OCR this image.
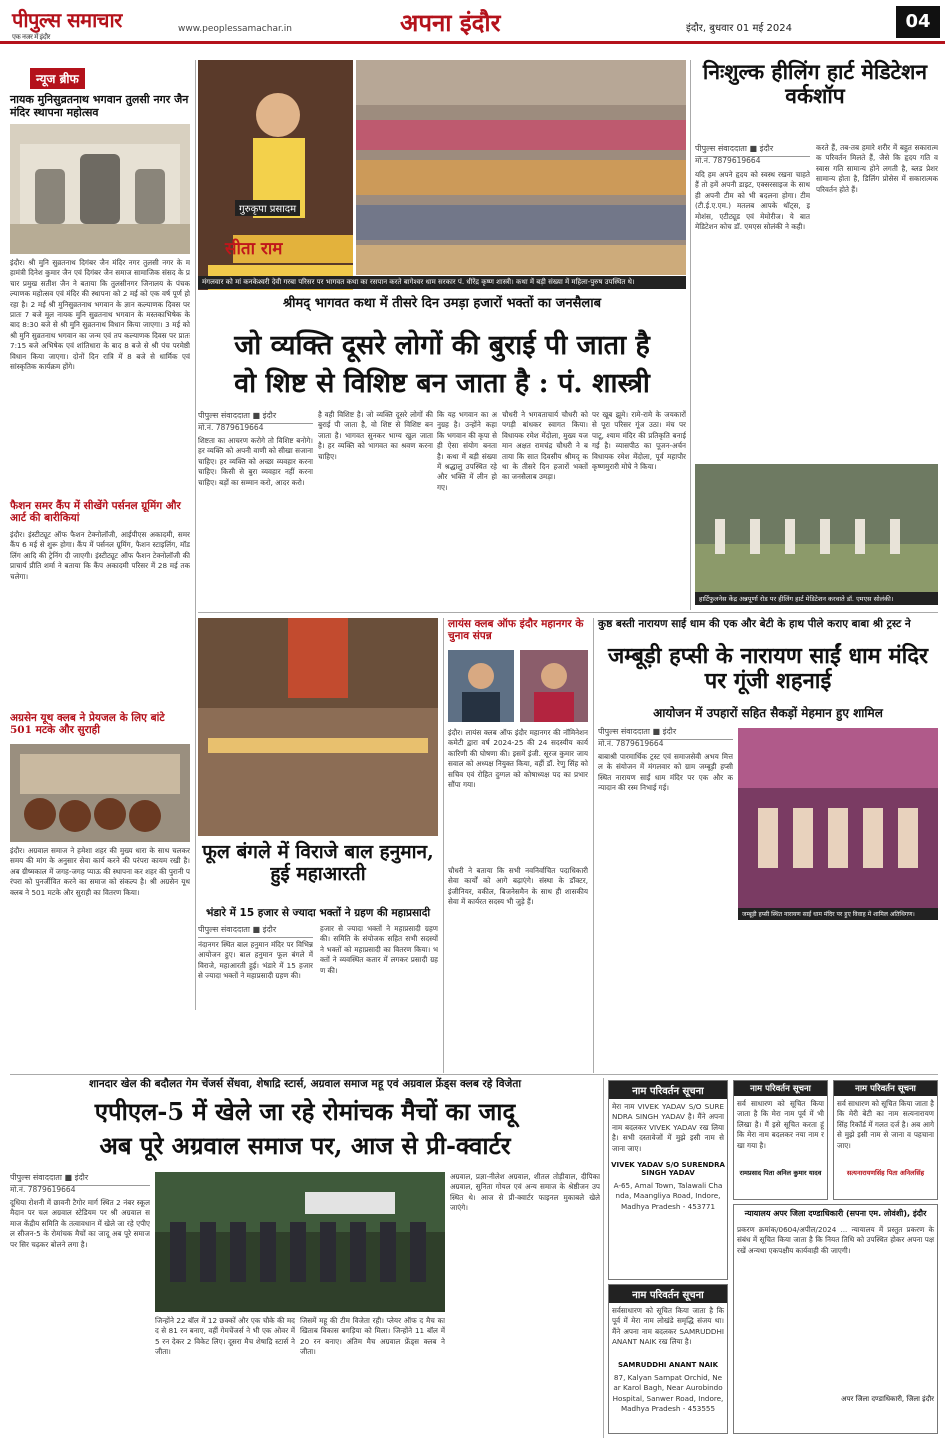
पीपुल्स समाचार
एक नजर में इंदौर
www.peoplessamachar.in	अपना इंदौर	इंदौर, बुधवार 01 मई 2024	04
न्यूज ब्रीफ
नायक मुनिसुव्रतनाथ भगवान तुलसी नगर जैन मंदिर स्थापना महोत्सव
इंदौर। श्री मुनि सुव्रतनाथ दिगंबर जैन मंदिर नगर तुलसी नगर के महामंत्री दिनेश कुमार जैन एवं दिगंबर जैन समाज सामाजिक संसद के प्रचार प्रमुख सतीश जैन ने बताया कि तुलसीनगर जिनालय के पंचकल्याणक महोत्सव एवं मंदिर की स्थापना को 2 मई को एक वर्ष पूर्ण हो रहा है। 2 मई श्री मुनिसुव्रतनाथ भगवान के ज्ञान कल्याणक दिवस पर प्रातः 7 बजे मूल नायक मुनि सुव्रतनाथ भगवान के मस्तकाभिषेक के बाद 8:30 बजे से श्री मुनि सुव्रतनाथ विधान किया जाएगा। 3 मई को श्री मुनि सुव्रतनाथ भगवान का जन्म एवं तप कल्याणक दिवस पर प्रातः 7:15 बजे अभिषेक एवं शांतिधारा के बाद 8 बजे से श्री पंच परमेष्ठी विधान किया जाएगा। दोनों दिन रात्रि में 8 बजे से धार्मिक एवं सांस्कृतिक कार्यक्रम होंगे।
फैशन समर कैंप में सीखेंगे पर्सनल ग्रूमिंग और आर्ट की बारीकियां
इंदौर। इंस्टीट्यूट ऑफ फैशन टेक्नोलॉजी, आईपीएस अकादमी, समर कैंप 6 मई से शुरू होगा। कैंप में पर्सनल ग्रूमिंग, फैशन स्टाइलिंग, मॉडलिंग आदि की ट्रेनिंग दी जाएगी। इंस्टीट्यूट ऑफ फैशन टेक्नोलॉजी की प्राचार्य प्रीति शर्मा ने बताया कि कैंप अकादमी परिसर में 28 मई तक चलेगा।
अग्रसेन यूथ क्लब ने प्रेयजल के लिए बांटे 501 मटके और सुराही
इंदौर। अग्रवाल समाज ने हमेशा शहर की मुख्य धारा के साथ चलकर समय की मांग के अनुसार सेवा कार्य करने की परंपरा कायम रखी है। अब ग्रीष्मकाल में जगह-जगह प्याऊ की स्थापना कर शहर की पुरानी परंपरा को पुनर्जीवित करने का समाज को संकल्प है। श्री अग्रसेन यूथ क्लब ने 501 मटके और सुराही का वितरण किया।
गुरुकृपा प्रसादम
सीता राम
मंगलवार को मां कनकेश्वरी देवी गरबा परिसर पर भागवत कथा का रसपान करते बागेश्वर धाम सरकार पं. धीरेंद्र कृष्ण शास्त्री। कथा में बड़ी संख्या में महिला-पुरुष उपस्थित थे।
श्रीमद् भागवत कथा में तीसरे दिन उमड़ा हजारों भक्तों का जनसैलाब
जो व्यक्ति दूसरे लोगों की बुराई पी जाता है
वो शिष्ट से विशिष्ट बन जाता है : पं. शास्त्री
पीपुल्स संवाददाता ■ इंदौर
मो.नं. 7879619664
शिष्टता का आचरण करोगे तो विशिष्ट बनोगे। हर व्यक्ति को अपनी वाणी को सीखा सजाना चाहिए। हर व्यक्ति को अच्छा व्यवहार करना चाहिए। किसी से बुरा व्यवहार नहीं करना चाहिए। बड़ों का सम्मान करो, आदर करो।
है वही विशिष्ट है। जो व्यक्ति दूसरे लोगों की बुराई पी जाता है, वो शिष्ट से विशिष्ट बन जाता है। भागवत सुनकर भाग्य खुल जाता है। हर व्यक्ति को भागवत का श्रवण करना चाहिए।
कि यह भगवान का अनुग्रह है। उन्होंने कहा कि भगवान की कृपा से ही ऐसा संयोग बनता है। कथा में बड़ी संख्या में श्रद्धालु उपस्थित रहे और भक्ति में लीन हो गए।
चौधरी ने भगवताचार्य चौधरी को पगड़ी बांधकर स्वागत किया। विधायक रमेश मेंदोला, मुख्य यजमान अक्षत रामचंद्र चौधरी ने बताया कि सात दिवसीय श्रीमद् कथा के तीसरे दिन हजारों भक्तों का जनसैलाब उमड़ा।
पर खूब झूमे। रामे-रामे के जयकारों से पूरा परिसर गूंज उठा। मंच पर पाटू, श्याम मंदिर की प्रतिकृति बनाई गई है। व्यासपीठ का पूजन-अर्चन विधायक रमेश मेंदोला, पूर्व महापौर कृष्णमुरारी मोघे ने किया।
निःशुल्क हीलिंग हार्ट मेडिटेशन वर्कशॉप
पीपुल्स संवाददाता ■ इंदौर
मो.नं. 7879619664
यदि हम अपने हृदय को स्वस्थ रखना चाहते हैं तो हमें अपनी डाइट, एक्सरसाइज के साथ ही अपनी टीम को भी बदलना होगा। टीम (टी.ई.ए.एम.) मतलब आपके थॉट्स, इमोशंस, एटीट्यूड एवं मेमोरीज। ये बात मेडिटेशन कोच डॉ. एमएस सोलंकी ने कही।
करते हैं, तब-तब हमारे शरीर में बहुत सकारात्मक परिवर्तन मिलते हैं, जैसे कि हृदय गति व स्वास गति सामान्य होने लगती है, ब्लड प्रेशर सामान्य होता है, डिलिंग प्रोसेस में सकारात्मक परिवर्तन होते हैं।
हार्टिफुलनेस केंद्र अन्नपूर्णा रोड पर हीलिंग हार्ट मेडिटेशन करवाते डॉ. एमएस सोलंकी।
फूल बंगले में विराजे बाल हनुमान, हुई महाआरती
भंडारे में 15 हजार से ज्यादा भक्तों ने ग्रहण की महाप्रसादी
पीपुल्स संवाददाता ■ इंदौर
नंदानगर स्थित बाल हनुमान मंदिर पर विभिन्न आयोजन हुए। बाल हनुमान फूल बंगले में विराजे, महाआरती हुई। भंडारे में 15 हजार से ज्यादा भक्तों ने महाप्रसादी ग्रहण की।
हजार से ज्यादा भक्तों ने महाप्रसादी ग्रहण की। समिति के संयोजक सहित सभी सदस्यों ने भक्तों को महाप्रसादी का वितरण किया। भक्तों ने व्यवस्थित कतार में लगकर प्रसादी ग्रहण की।
लायंस क्लब ऑफ इंदौर महानगर के चुनाव संपन्न
इंदौर। लायंस क्लब ऑफ इंदौर महानगर की नॉमिनेशन कमेटी द्वारा वर्ष 2024-25 की 24 सदस्यीय कार्यकारिणी की घोषणा की। इसमें इंजी. सूरज कुमार जायसवाल को अध्यक्ष नियुक्त किया, वहीं डॉ. रेणु सिंह को सचिव एवं रोहित दुग्गल को कोषाध्यक्ष पद का प्रभार सौंपा गया।
चौधरी ने बताया कि सभी नवनिर्वाचित पदाधिकारी सेवा कार्यों को आगे बढ़ाएंगे। संस्था के डॉक्टर, इंजीनियर, वकील, बिजनेसमैन के साथ ही शासकीय सेवा में कार्यरत सदस्य भी जुड़े हैं।
कुष्ठ बस्ती नारायण साईं धाम की एक और बेटी के हाथ पीले कराए बाबा श्री ट्रस्ट ने
जम्बूड़ी हप्सी के नारायण साईं धाम मंदिर पर गूंजी शहनाई
आयोजन में उपहारों सहित सैकड़ों मेहमान हुए शामिल
पीपुल्स संवाददाता ■ इंदौर
मो.नं. 7879619664
बाबाश्री पारमार्थिक ट्रस्ट एवं समाजसेवी अभय मित्तल के संयोजन में मंगलवार को ग्राम जम्बूड़ी हप्सी स्थित नारायण साईं धाम मंदिर पर एक और कन्यादान की रस्म निभाई गई।
जम्बूड़ी हप्सी स्थित नारायण साईं धाम मंदिर पर हुए विवाह में शामिल अतिथिगण।
शानदार खेल की बदौलत गेम चेंजर्स सेंधवा, शेषाद्रि स्टार्स, अग्रवाल समाज महू एवं अग्रवाल फ्रेंड्स क्लब रहे विजेता
एपीएल-5 में खेले जा रहे रोमांचक मैचों का जादू
अब पूरे अग्रवाल समाज पर, आज से प्री-क्वार्टर
पीपुल्स संवाददाता ■ इंदौर
मो.नं. 7879619664
दूधिया रोशनी में छावनी टैगोर मार्ग स्थित 2 नंबर स्कूल मैदान पर चल अग्रवाल स्टेडियम पर श्री अग्रवाल समाज केंद्रीय समिति के तत्वावधान में खेले जा रहे एपीएल सीजन-5 के रोमांचक मैचों का जादू अब पूरे समाज पर सिर चढ़कर बोलने लगा है।
जिन्होंने 22 बॉल में 12 छक्कों और एक चौके की मदद से 81 रन बनाए, वहीं गेमचेंजर्स ने भी एक ओवर में 5 रन देकर 2 विकेट लिए। दूसरा मैच शेषाद्रि स्टार्स ने जीता।
जिसमें महू की टीम विजेता रही। प्लेयर ऑफ द मैच का खिताब विकास बगड़िया को मिला। जिन्होंने 11 बॉल में 20 रन बनाए। अंतिम मैच अग्रवाल फ्रेंड्स क्लब ने जीता।
अग्रवाल, प्रज्ञा-नीलेश अग्रवाल, शीतल तोड़ीवाल, दीपिका अग्रवाल, सुनिता गोयल एवं अन्य समाज के श्रेष्ठीजन उपस्थित थे। आज से प्री-क्वार्टर फाइनल मुकाबले खेले जाएंगे।
नाम परिवर्तन सूचना
मेरा नाम VIVEK YADAV S/O SURENDRA SINGH YADAV है। मैंने अपना नाम बदलकर VIVEK YADAV रख लिया है। सभी दस्तावेजों में मुझे इसी नाम से जाना जाए।
VIVEK YADAV S/O SURENDRA SINGH YADAV
A-65, Amal Town, Talawali Chanda, Maangliya Road, Indore, Madhya Pradesh - 453771
नाम परिवर्तन सूचना
सर्वसाधारण को सूचित किया जाता है कि पूर्व में मेरा नाम लोखंडे समृद्धि संजय था। मैंने अपना नाम बदलकर SAMRUDDHI ANANT NAIK रख लिया है।
SAMRUDDHI ANANT NAIK
87, Kalyan Sampat Orchid, Near Karol Bagh, Near Aurobindo Hospital, Sanwer Road, Indore, Madhya Pradesh - 453555
नाम परिवर्तन सूचना
सर्व साधारण को सूचित किया जाता है कि मेरा नाम पूर्व में भी लिखा है। मैं इसे सूचित करता हूं कि मेरा नाम बदलकर नया नाम रखा गया है।
रामप्रसाद पिता अनिल कुमार यादव
नाम परिवर्तन सूचना
सर्व साधारण को सूचित किया जाता है कि मेरी बेटी का नाम सत्यनारायण सिंह रिकॉर्ड में गलत दर्ज है। अब आगे से मुझे इसी नाम से जाना व पहचाना जाए।
सत्यनारायणसिंह पिता अनिलसिंह
न्यायालय अपर जिला दण्डाधिकारी (सपना एम. लोवंशी), इंदौर
प्रकरण क्रमांक/0604/अपील/2024 ... न्यायालय में प्रस्तुत प्रकरण के संबंध में सूचित किया जाता है कि नियत तिथि को उपस्थित होकर अपना पक्ष रखें अन्यथा एकपक्षीय कार्यवाही की जाएगी।
अपर जिला दण्डाधिकारी, जिला इंदौर
